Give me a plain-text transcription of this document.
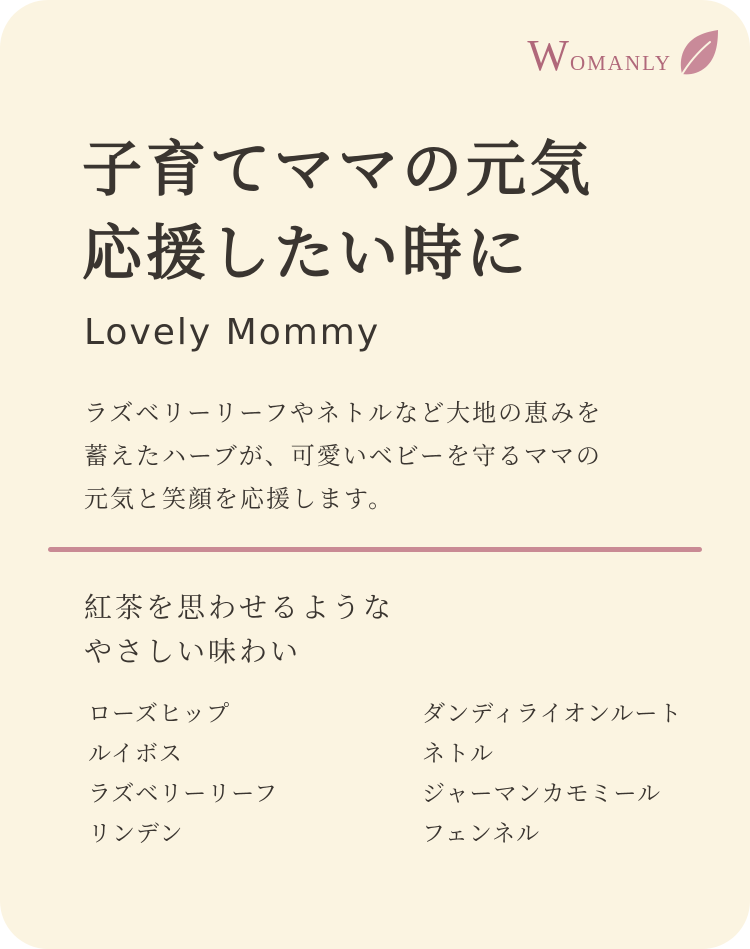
WOMANLY
子育てママの元気
応援したい時に
Lovely Mommy
ラズベリーリーフやネトルなど大地の恵みを
蓄えたハーブが、可愛いベビーを守るママの
元気と笑顔を応援します。
紅茶を思わせるような
やさしい味わい
ローズヒップ
ルイボス
ラズベリーリーフ
リンデン
ダンディライオンルート
ネトル
ジャーマンカモミール
フェンネル
